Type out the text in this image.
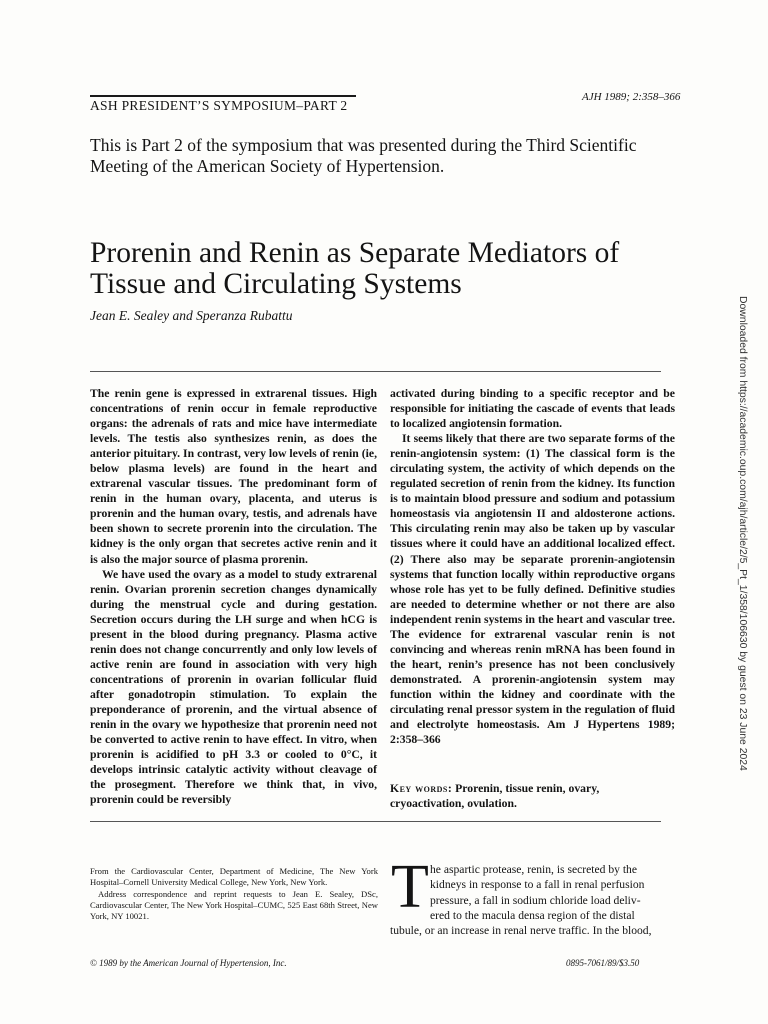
ASH PRESIDENT’S SYMPOSIUM–PART 2
AJH 1989; 2:358–366
This is Part 2 of the symposium that was presented during the Third Scientific Meeting of the American Society of Hypertension.
Prorenin and Renin as Separate Mediators of Tissue and Circulating Systems
Jean E. Sealey and Speranza Rubattu

The renin gene is expressed in extrarenal tissues. High concentrations of renin occur in female reproductive organs: the adrenals of rats and mice have intermediate levels. The testis also synthesizes renin, as does the anterior pituitary. In contrast, very low levels of renin (ie, below plasma levels) are found in the heart and extrarenal vascular tissues. The predominant form of renin in the human ovary, placenta, and uterus is prorenin and the human ovary, testis, and adrenals have been shown to secrete prorenin into the circulation. The kidney is the only organ that secretes active renin and it is also the major source of plasma prorenin.

We have used the ovary as a model to study extrarenal renin. Ovarian prorenin secretion changes dynamically during the menstrual cycle and during gestation. Secretion occurs during the LH surge and when hCG is present in the blood during pregnancy. Plasma active renin does not change concurrently and only low levels of active renin are found in association with very high concentrations of prorenin in ovarian follicular fluid after gonadotropin stimulation. To explain the preponderance of prorenin, and the virtual absence of renin in the ovary we hypothesize that prorenin need not be converted to active renin to have effect. In vitro, when prorenin is acidified to pH 3.3 or cooled to 0°C, it develops intrinsic catalytic activity without cleavage of the prosegment. Therefore we think that, in vivo, prorenin could be reversibly

activated during binding to a specific receptor and be responsible for initiating the cascade of events that leads to localized angiotensin formation.

It seems likely that there are two separate forms of the renin-angiotensin system: (1) The classical form is the circulating system, the activity of which depends on the regulated secretion of renin from the kidney. Its function is to maintain blood pressure and sodium and potassium homeostasis via angiotensin II and aldosterone actions. This circulating renin may also be taken up by vascular tissues where it could have an additional localized effect. (2) There also may be separate prorenin-angiotensin systems that function locally within reproductive organs whose role has yet to be fully defined. Definitive studies are needed to determine whether or not there are also independent renin systems in the heart and vascular tree. The evidence for extrarenal vascular renin is not convincing and whereas renin mRNA has been found in the heart, renin’s presence has not been conclusively demonstrated. A prorenin-angiotensin system may function within the kidney and coordinate with the circulating renal pressor system in the regulation of fluid and electrolyte homeostasis. Am J Hypertens 1989; 2:358–366

Key words: Prorenin, tissue renin, ovary, cryoactivation, ovulation.

From the Cardiovascular Center, Department of Medicine, The New York Hospital–Cornell University Medical College, New York, New York.

Address correspondence and reprint requests to Jean E. Sealey, DSc, Cardiovascular Center, The New York Hospital–CUMC, 525 East 68th Street, New York, NY 10021.	T he aspartic protease, renin, is secreted by the
kidneys in response to a fall in renal perfusion
pressure, a fall in sodium chloride load deliv-
ered to the macula densa region of the distal
tubule, or an increase in renal nerve traffic. In the blood,
© 1989 by the American Journal of Hypertension, Inc.	0895-7061/89/$3.50
Downloaded from https://academic.oup.com/ajh/article/2/5_Pt_1/358/106630 by guest on 23 June 2024
